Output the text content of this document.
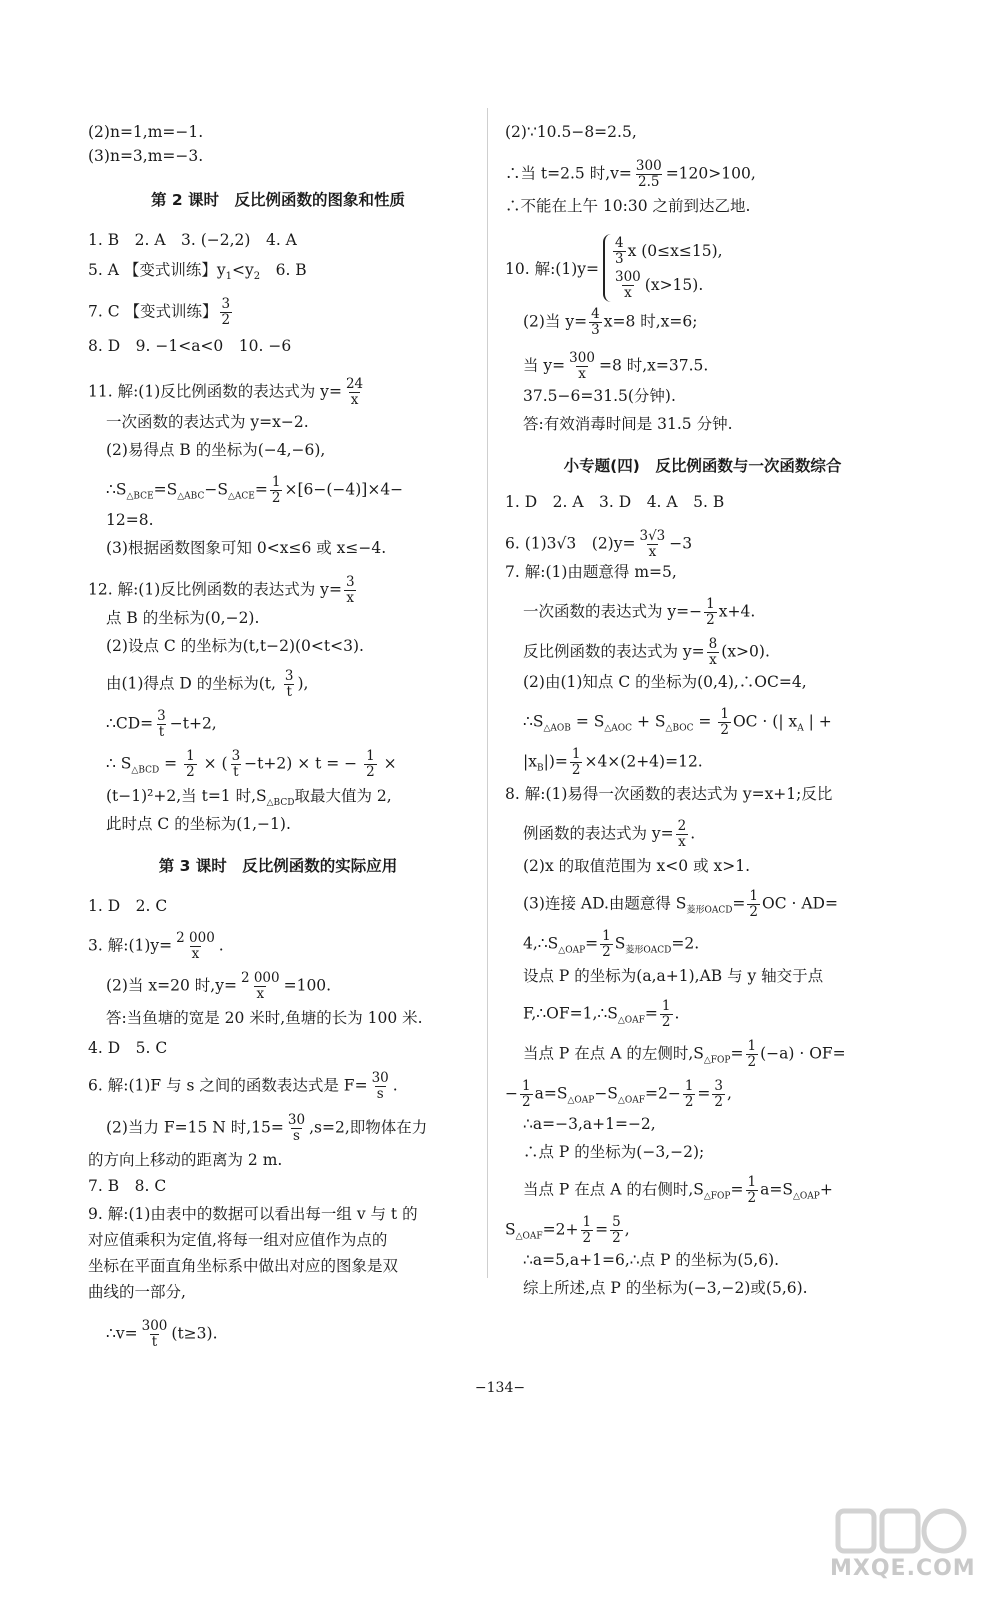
(2)n=1,m=−1.

(3)n=3,m=−3.

第 2 课时　反比例函数的图象和性质

1. B　2. A　3. (−2,2)　4. A

5. A 【变式训练】$y_1<y_2$　6. B

7. C 【变式训练】 $\frac{3}{2}$

8. D　9. −1<a<0　10. −6

11. 解:(1)反比例函数的表达式为 $y= \frac{24}{x}$

一次函数的表达式为 y=x−2.

(2)易得点 B 的坐标为(−4,−6),

$\therefore S_{\triangle BCE}=S_{\triangle ABC}-S_{\triangle ACE}= \frac{1}{2} \times[6-(-4)]\times 4-$

12=8.

(3)根据函数图象可知 0<x≤6 或 x≤−4.

12. 解:(1)反比例函数的表达式为 $y= \frac{3}{x}$

点 B 的坐标为(0,−2).

(2)设点 C 的坐标为(t,t−2)(0<t<3).

由(1)得点 D 的坐标为(t, $\frac{3}{t}$ ),

∴CD= $\frac{3}{t} -t+2$,

∴ $S_{\triangle BCD} = \frac{1}{2}$ × ( $\frac{3}{t} -t+2) \times t$ = − $\frac{1}{2}$ ×

(t−1)²+2,当 t=1 时$,S_{\triangle BCD}$取最大值为 2,

此时点 C 的坐标为(1,−1).

第 3 课时　反比例函数的实际应用

1. D　2. C

3. 解:(1)y= $\frac{2 000}{x}$ .

(2)当 x=20 时$,y= \frac{2 000}{x} =100$.

答:当鱼塘的宽是 20 米时,鱼塘的长为 100 米.

4. D　5. C

6. 解:(1)F 与 s 之间的函数表达式是 $F= \frac{30}{s}$ .

(2)当力 F=15 N 时$,15= \frac{30}{s} ,s=2$,即物体在力

的方向上移动的距离为 2 m.

7. B　8. C

9. 解:(1)由表中的数据可以看出每一组 v 与 t 的

对应值乘积为定值,将每一组对应值作为点的

坐标在平面直角坐标系中做出对应的图象是双

曲线的一部分,

∴v= $\frac{300}{t} (t\ge 3)$.

(2)∵10.5−8=2.5,

∴当 t=2.5 时$,v= \frac{300}{2.5} =120>100$,

∴不能在上午 10:30 之前到达乙地.

10. 解:(1)y=
4
3 x (0≤x≤15),
300
x (x>15).

(2)当 $y= \frac{4}{3} x=8$ 时,x=6;

当 $y= \frac{300}{x} =8$ 时,x=37.5.

37.5−6=31.5(分钟).

答:有效消毒时间是 31.5 分钟.

小专题(四)　反比例函数与一次函数综合

1. D　2. A　3. D　4. A　5. B

6. (1)3√3　$(2)y= \frac{3√3}{x} -3$

7. 解:(1)由题意得 m=5,

一次函数的表达式为 $y=- \frac{1}{2} x+4$.

反比例函数的表达式为 $y= \frac{8}{x} (x>0)$.

(2)由(1)知点 C 的坐标为(0,4),∴OC=4,

$\therefore S_{\triangle AOB} = S_{\triangle AOC} + S_{\triangle BOC} = \frac{1}{2}$ OC · (| $x_A$ | +

$|x_B|)= \frac{1}{2} \times 4\times(2+4)=12$.

8. 解:(1)易得一次函数的表达式为 y=x+1;反比

例函数的表达式为 $y= \frac{2}{x}$ .

(2)x 的取值范围为 x<0 或 x>1.

(3)连接 AD.由题意得 $S_{菱形OACD}= \frac{1}{2}$ OC · AD=

$4,\therefore S_{\triangle OAP}= \frac{1}{2} S_{菱形OACD}=2$.

设点 P 的坐标为(a,a+1),AB 与 y 轴交于点

$F,\therefore OF=1,\therefore S_{\triangle OAF}= \frac{1}{2}$ .

当点 P 在点 A 的左侧时$,S_{\triangle FOP}= \frac{1}{2} (-a) \cdot OF=$

− $\frac{1}{2} a=S_{\triangle OAP}-S_{\triangle OAF}=2- \frac{1}{2} = \frac{3}{2}$ ,

∴a=−3,a+1=−2,

∴点 P 的坐标为(−3,−2);

当点 P 在点 A 的右侧时$,S_{\triangle FOP}= \frac{1}{2} a=S_{\triangle OAP}+$

$S_{\triangle OAF}=2+ \frac{1}{2} = \frac{5}{2}$ ,

∴a=5,a+1=6,∴点 P 的坐标为(5,6).

综上所述,点 P 的坐标为(−3,−2)或(5,6).

−134−
MXQE.COM
